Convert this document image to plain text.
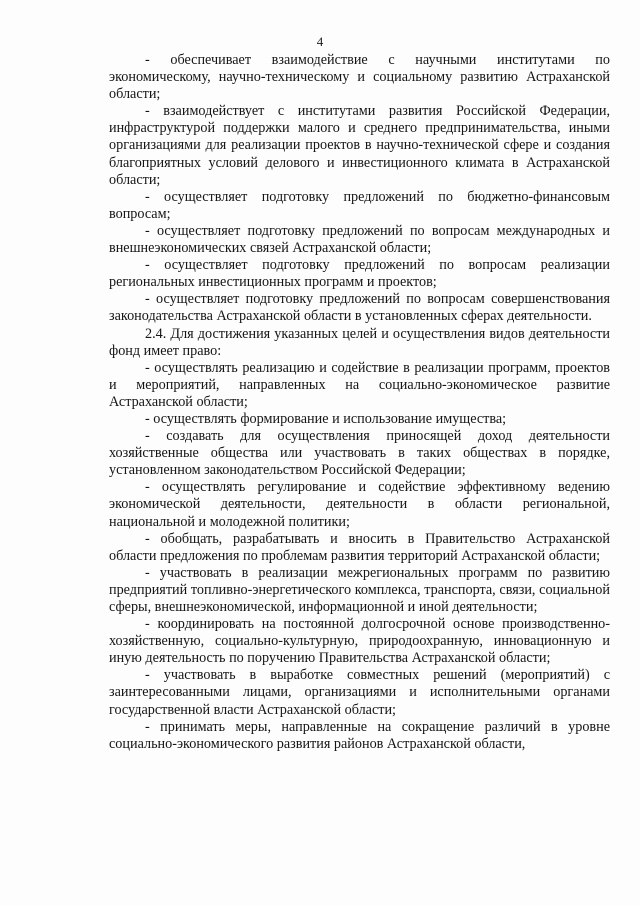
4

- обеспечивает взаимодействие с научными институтами по экономическому, научно-техническому и социальному развитию Астраханской области;

- взаимодействует с институтами развития Российской Федерации, инфраструктурой поддержки малого и среднего предпринимательства, иными организациями для реализации проектов в научно-технической сфере и создания благоприятных условий делового и инвестиционного климата в Астраханской области;

- осуществляет подготовку предложений по бюджетно-финансовым вопросам;

- осуществляет подготовку предложений по вопросам международных и внешнеэкономических связей Астраханской области;

- осуществляет подготовку предложений по вопросам реализации региональных инвестиционных программ и проектов;

- осуществляет подготовку предложений по вопросам совершенствования законодательства Астраханской области в установленных сферах деятельности.

2.4. Для достижения указанных целей и осуществления видов деятельности фонд имеет право:

- осуществлять реализацию и содействие в реализации программ, проектов и мероприятий, направленных на социально-экономическое развитие Астраханской области;

- осуществлять формирование и использование имущества;

- создавать для осуществления приносящей доход деятельности хозяйственные общества или участвовать в таких обществах в порядке, установленном законодательством Российской Федерации;

- осуществлять регулирование и содействие эффективному ведению экономической деятельности, деятельности в области региональной, национальной и молодежной политики;

- обобщать, разрабатывать и вносить в Правительство Астраханской области предложения по проблемам развития территорий Астраханской области;

- участвовать в реализации межрегиональных программ по развитию предприятий топливно-энергетического комплекса, транспорта, связи, социальной сферы, внешнеэкономической, информационной и иной деятельности;

- координировать на постоянной долгосрочной основе производственно-хозяйственную, социально-культурную, природоохранную, инновационную и иную деятельность по поручению Правительства Астраханской области;

- участвовать в выработке совместных решений (мероприятий) с заинтересованными лицами, организациями и исполнительными органами государственной власти Астраханской области;

- принимать меры, направленные на сокращение различий в уровне социально-экономического развития районов Астраханской области,
